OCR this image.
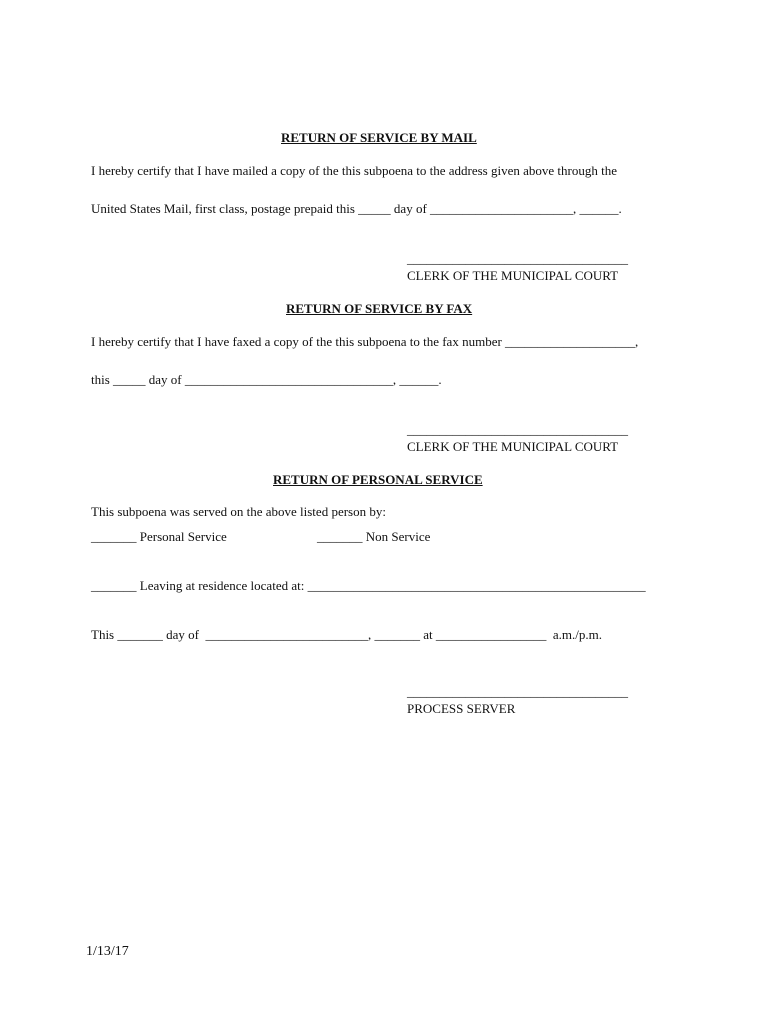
RETURN OF SERVICE BY MAIL
I hereby certify that I have mailed a copy of the this subpoena to the address given above through the
United States Mail, first class, postage prepaid this _____ day of ______________________, ______.
__________________________________
CLERK OF THE MUNICIPAL COURT
RETURN OF SERVICE BY FAX
I hereby certify that I have faxed a copy of the this subpoena to the fax number ____________________,
this _____ day of ________________________________, ______.
__________________________________
CLERK OF THE MUNICIPAL COURT
RETURN OF PERSONAL SERVICE
This subpoena was served on the above listed person by:
_______ Personal Service	_______ Non Service
_______ Leaving at residence located at: ____________________________________________________
This _______ day of  _________________________, _______ at _________________  a.m./p.m.
__________________________________
PROCESS SERVER
1/13/17
